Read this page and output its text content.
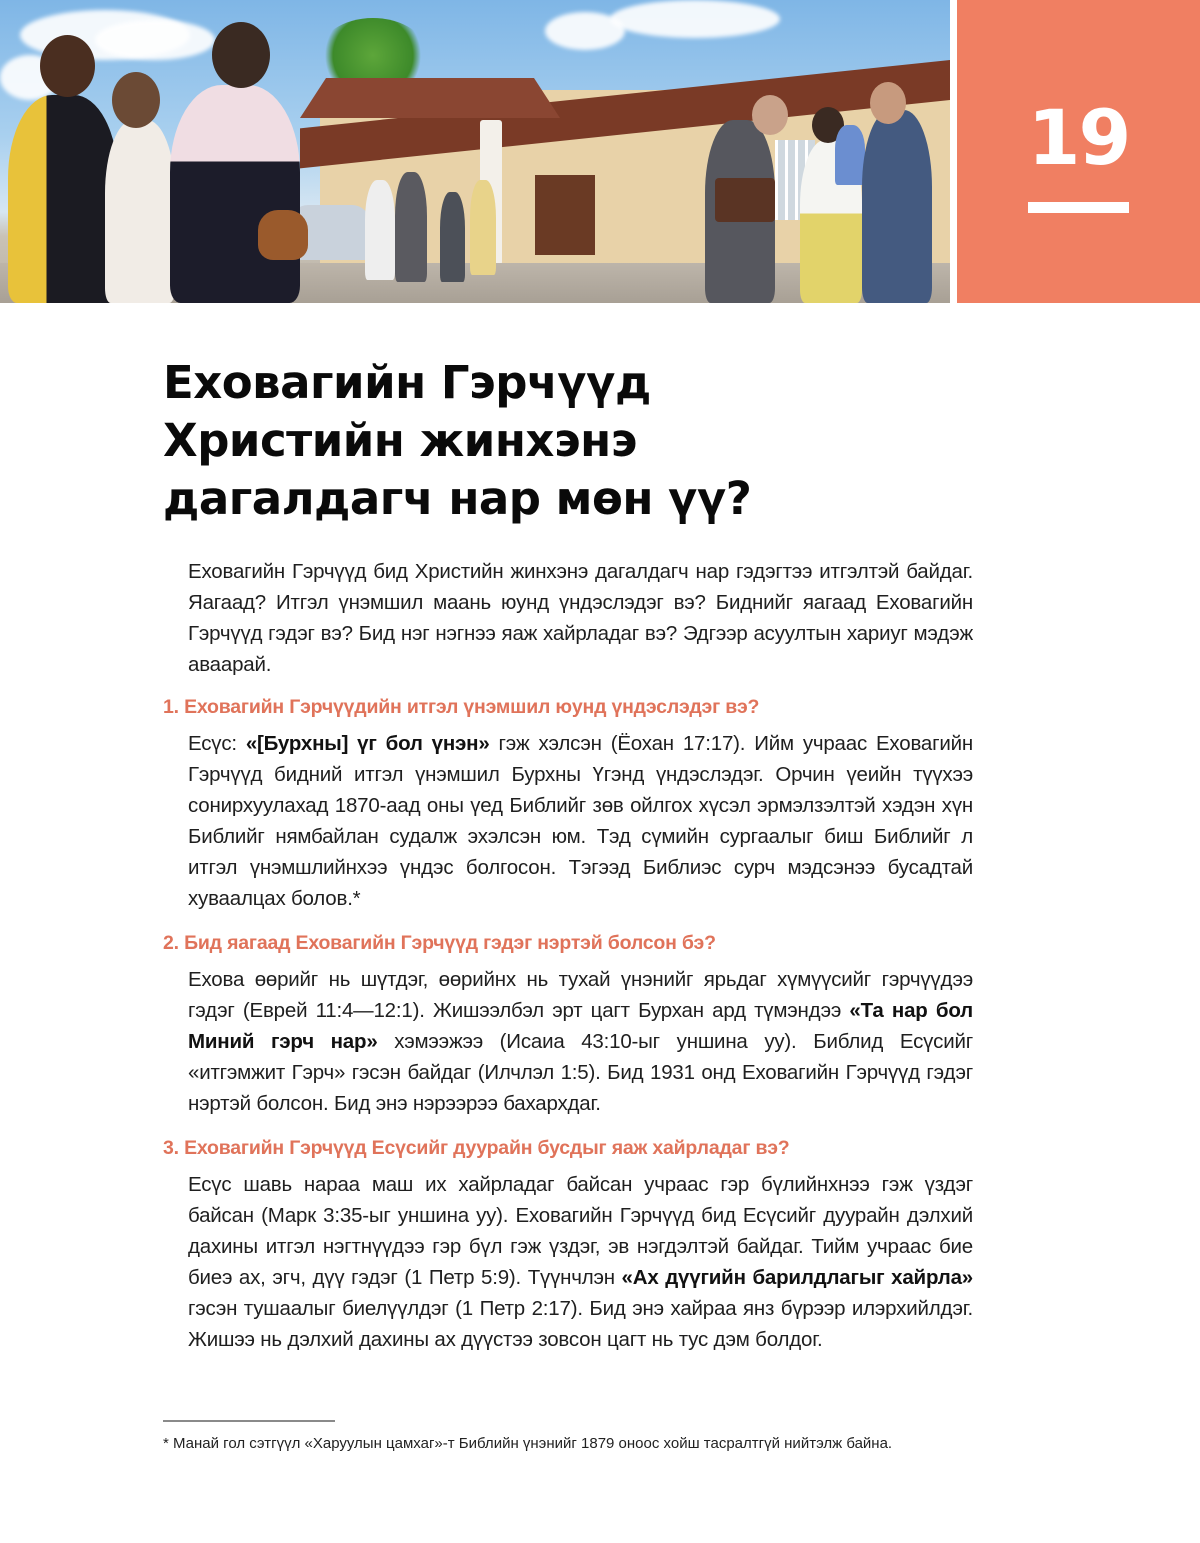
19
Еховагийн Гэрчүүд
Христийн жинхэнэ
дагалдагч нар мөн үү?

Еховагийн Гэрчүүд бид Христийн жинхэнэ дагалдагч нар гэдэгтээ итгэлтэй байдаг. Яагаад? Итгэл үнэмшил маань юунд үндэслэдэг вэ? Биднийг яагаад Еховагийн Гэрчүүд гэдэг вэ? Бид нэг нэгнээ яаж хайрладаг вэ? Эдгээр асуултын хариуг мэдэж аваарай.

1. Еховагийн Гэрчүүдийн итгэл үнэмшил юунд үндэслэдэг вэ?

Есүс: «[Бурхны] үг бол үнэн» гэж хэлсэн (Ёохан 17:17). Ийм учраас Еховагийн Гэрчүүд бидний итгэл үнэмшил Бурхны Үгэнд үндэслэдэг. Орчин үеийн түүхээ сонирхуулахад 1870-аад оны үед Библийг зөв ойлгох хүсэл эрмэлзэлтэй хэдэн хүн Библийг нямбайлан судалж эхэлсэн юм. Тэд сүмийн сургаалыг биш Библийг л итгэл үнэмшлийнхээ үндэс болгосон. Тэгээд Библиэс сурч мэдсэнээ бусадтай хуваалцах болов.*

2. Бид яагаад Еховагийн Гэрчүүд гэдэг нэртэй болсон бэ?

Ехова өөрийг нь шүтдэг, өөрийнх нь тухай үнэнийг ярьдаг хүмүүсийг гэрчүүдээ гэдэг (Еврей 11:4—12:1). Жишээлбэл эрт цагт Бурхан ард түмэндээ «Та нар бол Миний гэрч нар» хэмээжээ (Исаиа 43:10-ыг уншина уу). Библид Есүсийг «итгэмжит Гэрч» гэсэн байдаг (Илчлэл 1:5). Бид 1931 онд Еховагийн Гэрчүүд гэдэг нэртэй болсон. Бид энэ нэрээрээ бахархдаг.

3. Еховагийн Гэрчүүд Есүсийг дуурайн бусдыг яаж хайрладаг вэ?

Есүс шавь нараа маш их хайрладаг байсан учраас гэр бүлийнхнээ гэж үздэг байсан (Марк 3:35-ыг уншина уу). Еховагийн Гэрчүүд бид Есүсийг дуурайн дэлхий дахины итгэл нэгтнүүдээ гэр бүл гэж үздэг, эв нэгдэлтэй байдаг. Тийм учраас бие биеэ ах, эгч, дүү гэдэг (1 Петр 5:9). Түүнчлэн «Ах дүүгийн барилдлагыг хайрла» гэсэн тушаалыг биелүүлдэг (1 Петр 2:17). Бид энэ хайраа янз бүрээр илэрхийлдэг. Жишээ нь дэлхий дахины ах дүүстээ зовсон цагт нь тус дэм болдог.

* Манай гол сэтгүүл «Харуулын цамхаг»-т Библийн үнэнийг 1879 оноос хойш тасралтгүй нийтэлж байна.
